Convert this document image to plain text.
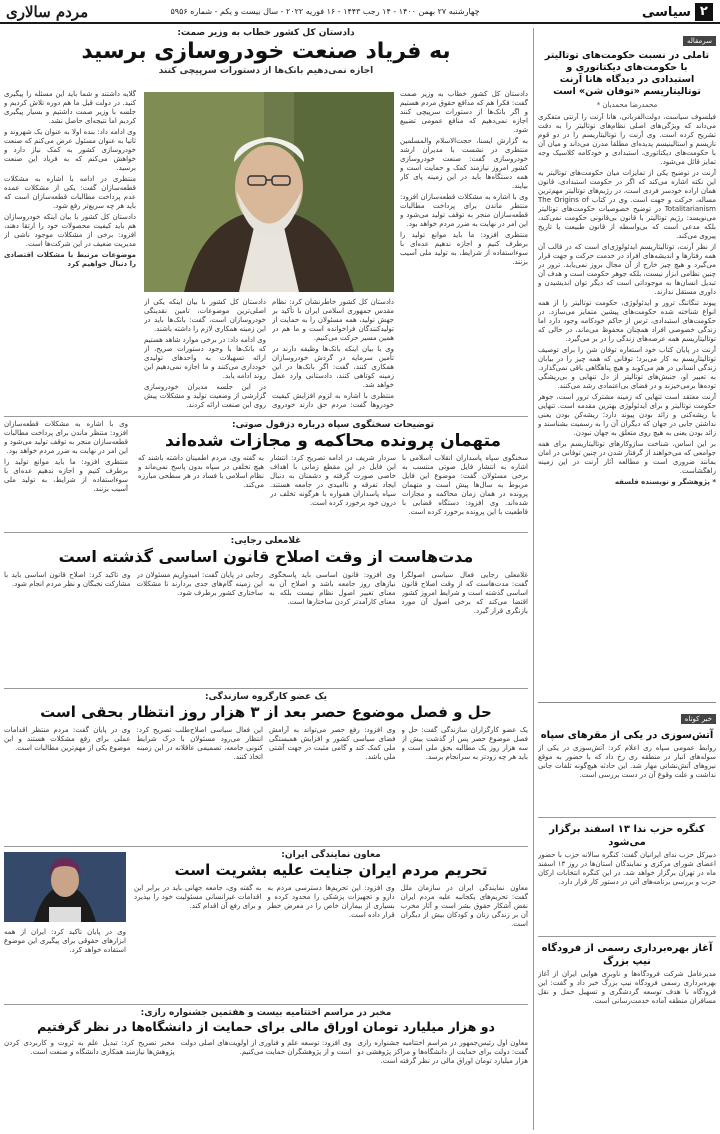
مردم سالاری	چهارشنبه ۲۷ بهمن ۱۴۰۰ - ۱۴ رجب ۱۴۴۳ - ۱۶ فوریه ۲۰۲۲ - سال بیست و یکم - شماره ۵۹۵۶	۲
سیاسی
سرمقاله
تاملی در نسبت حکومت‌های توتالیتر با حکومت‌های دیکتاتوری و استبدادی در دیدگاه هانا آرنت توتالیتاریسم «توفان شن» است
محمدرضا محمدیان *

فیلسوف سیاست، دولت‌الفربانی، هانا آرنت را آرنتی متفکری می‌داند که ویژگی‌های اصلی نظام‌های توتالیتر را به دقت تشریح کرده است. وی آرنت را توتالیتاریسم را در دو قوم نازیسم و استالینیسم پدیده‌ای مطلقا مدرن می‌داند و میان آن با حکومت‌های دیکتاتوری، استبدادی و خودکامه کلاسیک وجه تمایز قائل می‌شود.

آرنت در توضیح یکی از تمایزات میان حکومت‌های توتالیتر به این نکته اشاره می‌کند که اگر در حکومت استبدادی، قانون همان اراده خودسر فردی است، در رژیم‌های توتالیتر مهم‌ترین مساله، حرکت و جهت است. وی در کتاب The Origins of Totalitarianism در توضیح خصوصیات حکومت‌های توتالیتر می‌نویسد: رژیم توتالیتر با قانون بی‌قانونی حکومت نمی‌کند، بلکه مدعی است که بی‌واسطه از قانون طبیعت یا تاریخ پیروی می‌کند.

از نظر آرنت، توتالیتاریسم ایدئولوژی‌ای است که در قالب آن همه رفتارها و اندیشه‌های افراد در خدمت حرکت و جهت قرار می‌گیرد و هیچ چیز خارج از آن مجال بروز نمی‌یابد. ترور در چنین نظامی ابزار نیست، بلکه جوهر حکومت است و هدف آن تبدیل انسان‌ها به موجوداتی است که دیگر توان اندیشیدن و داوری مستقل ندارند.

پیوند تنگاتنگ ترور و ایدئولوژی، حکومت توتالیتر را از همه انواع شناخته شده حکومت‌های پیشین متمایز می‌سازد. در حکومت‌های استبدادی، ترس از حاکم خودکامه وجود دارد اما زندگی خصوصی افراد همچنان محفوظ می‌ماند، در حالی که توتالیتاریسم همه عرصه‌های زندگی را در بر می‌گیرد.

آرنت در پایان کتاب خود استعاره توفان شن را برای توصیف توتالیتاریسم به کار می‌برد؛ توفانی که همه چیز را در بیابان زندگی انسانی در هم می‌کوبد و هیچ پناهگاهی باقی نمی‌گذارد. به تعبیر او، جنبش‌های توتالیتر از دل تنهایی و بی‌ریشگی توده‌ها برمی‌خیزند و در فضای بی‌اعتمادی رشد می‌کنند.

آرنت معتقد است تنهایی که زمینه مشترک ترور است، جوهر حکومت توتالیتر و برای ایدئولوژی بهترین مقدمه است. تنهایی با ریشه‌کنی و زائد بودن پیوند دارد؛ ریشه‌کن بودن یعنی نداشتن جایی در جهان که دیگران آن را به رسمیت بشناسند و زائد بودن یعنی به هیچ روی متعلق به جهان نبودن.

بر این اساس، شناخت سازوکارهای توتالیتاریسم برای همه جوامعی که می‌خواهند از گرفتار شدن در چنین توفانی در امان بمانند ضروری است و مطالعه آثار آرنت در این زمینه راهگشاست.

* پژوهشگر و نویسنده فلسفه

خبر کوتاه
آتش‌سوزی در یکی از مقرهای سپاه
روابط عمومی سپاه ری اعلام کرد: آتش‌سوزی در یکی از سوله‌های انبار در منطقه ری رخ داد که با حضور به موقع نیروهای آتش‌نشانی مهار شد. این حادثه هیچ‌گونه تلفات جانی نداشت و علت وقوع آن در دست بررسی است.
کنگره حزب ندا ۱۳ اسفند برگزار می‌شود
دبیرکل حزب ندای ایرانیان گفت: کنگره سالانه حزب با حضور اعضای شورای مرکزی و نمایندگان استان‌ها در روز ۱۳ اسفند ماه در تهران برگزار خواهد شد. در این کنگره انتخابات ارکان حزب و بررسی برنامه‌های آتی در دستور کار قرار دارد.
آغاز بهره‌برداری رسمی از فرودگاه نیپ بزرگ
مدیرعامل شرکت فرودگاه‌ها و ناوبری هوایی ایران از آغاز بهره‌برداری رسمی فرودگاه نیپ بزرگ خبر داد و گفت: این فرودگاه با هدف توسعه گردشگری و تسهیل حمل و نقل مسافران منطقه آماده خدمت‌رسانی است.
دادستان کل کشور خطاب به وزیر صمت:
به فریاد صنعت خودروسازی برسید
اجازه نمی‌دهیم بانک‌ها از دستورات سرپیچی کنند

دادستان کل کشور خطاب به وزیر صمت گفت: فکرا هم که مدافع حقوق مردم هستیم و اگر بانک‌ها از دستورات سرپیچی کنند اجازه نمی‌دهیم که منافع عمومی تضییع شود.

به گزارش ایسنا، حجت‌الاسلام والمسلمین منتظری در نشست با مدیران ارشد خودروسازی گفت: صنعت خودروسازی کشور امروز نیازمند کمک و حمایت است و همه دستگاه‌ها باید در این زمینه پای کار بیایند.

وی با اشاره به مشکلات قطعه‌سازان افزود: منتظر ماندن برای پرداخت مطالبات قطعه‌سازان منجر به توقف تولید می‌شود و این امر در نهایت به ضرر مردم خواهد بود.

منتظری افزود: ما باید موانع تولید را برطرف کنیم و اجازه ندهیم عده‌ای با سوءاستفاده از شرایط، به تولید ملی آسیب بزنند.

دادستان کل کشور خاطرنشان کرد: نظام مقدس جمهوری اسلامی ایران با تأکید بر جهش تولید، همه مسئولان را به حمایت از تولیدکنندگان فراخوانده است و ما هم در همین مسیر حرکت می‌کنیم.

وی با بیان اینکه بانک‌ها وظیفه دارند در تأمین سرمایه در گردش خودروسازان همکاری کنند، گفت: اگر بانک‌ها در این زمینه کوتاهی کنند، دادستانی وارد عمل خواهد شد.

منتظری با اشاره به لزوم افزایش کیفیت خودروها گفت: مردم حق دارند خودروی

دادستان کل کشور با بیان اینکه یکی از اصلی‌ترین موضوعات، تامین نقدینگی خودروسازان است، گفت: بانک‌ها باید در این زمینه همکاری لازم را داشته باشند.

وی ادامه داد: در برخی موارد شاهد هستیم که بانک‌ها با وجود دستورات صریح، از ارائه تسهیلات به واحدهای تولیدی خودداری می‌کنند و ما اجازه نمی‌دهیم این روند ادامه یابد.

در این جلسه مدیران خودروسازی گزارشی از وضعیت تولید و مشکلات پیش روی این صنعت ارائه کردند.

گلایه داشتند و شما باید این مسئله را پیگیری کنید. در دولت قبل ما هم دوره تلاش کردیم و جلسه با وزیر صمت داشتیم و بسیار پیگیری کردیم اما نتیجه‌ای حاصل نشد.

وی ادامه داد: بنده اولا به عنوان یک شهروند و ثانیا به عنوان مسئول عرض می‌کنم که صنعت خودروسازی کشور به کمک نیاز دارد و خواهش می‌کنم که به فریاد این صنعت برسید.

منتظری در ادامه با اشاره به مشکلات قطعه‌سازان گفت: یکی از مشکلات عمده عدم پرداخت مطالبات قطعه‌سازان است که باید هر چه سریع‌تر رفع شود.

دادستان کل کشور با بیان اینکه خودروسازان هم باید کیفیت محصولات خود را ارتقا دهند، افزود: برخی از مشکلات موجود ناشی از مدیریت ضعیف در این شرکت‌ها است.

موضوعات مرتبط با مشکلات اقتصادی را دنبال خواهیم کرد

توضیحات سخنگوی سپاه درباره دزفول صوتی:
متهمان پرونده محاکمه و مجازات شده‌اند
سخنگوی سپاه پاسداران انقلاب اسلامی با اشاره به انتشار فایل صوتی منتسب به برخی مسئولان گفت: موضوع این فایل مربوط به سال‌ها پیش است و متهمان پرونده در همان زمان محاکمه و مجازات شده‌اند. وی افزود: دستگاه قضایی با قاطعیت با این پرونده برخورد کرده است.
سردار شریف در ادامه تصریح کرد: انتشار این فایل در این مقطع زمانی با اهداف خاصی صورت گرفته و دشمنان به دنبال ایجاد تفرقه و ناامیدی در جامعه هستند. سپاه پاسداران همواره با هرگونه تخلف در درون خود برخورد کرده است.
به گفته وی، مردم اطمینان داشته باشند که هیچ تخلفی در سپاه بدون پاسخ نمی‌ماند و نظام اسلامی با فساد در هر سطحی مبارزه می‌کند.

وی با اشاره به مشکلات قطعه‌سازان افزود: منتظر ماندن برای پرداخت مطالبات قطعه‌سازان منجر به توقف تولید می‌شود و این امر در نهایت به ضرر مردم خواهد بود.

منتظری افزود: ما باید موانع تولید را برطرف کنیم و اجازه ندهیم عده‌ای با سوءاستفاده از شرایط، به تولید ملی آسیب بزنند.

غلامعلی رجایی:
مدت‌هاست از وقت اصلاح قانون اساسی گذشته است
غلامعلی رجایی فعال سیاسی اصولگرا گفت: مدت‌هاست که از وقت اصلاح قانون اساسی گذشته است و شرایط امروز کشور اقتضا می‌کند که برخی اصول آن مورد بازنگری قرار گیرد.
وی افزود: قانون اساسی باید پاسخگوی نیازهای روز جامعه باشد و اصلاح آن به معنای تغییر اصول نظام نیست بلکه به معنای کارآمدتر کردن ساختارها است.
رجایی در پایان گفت: امیدواریم مسئولان در این زمینه گام‌های جدی بردارند تا مشکلات ساختاری کشور برطرف شود.
وی تاکید کرد: اصلاح قانون اساسی باید با مشارکت نخبگان و نظر مردم انجام شود.
یک عضو کارگروه سازندگی:
حل و فصل موضوع حصر بعد از ۳ هزار روز انتظار بحقی است
یک عضو کارگزاران سازندگی گفت: حل و فصل موضوع حصر پس از گذشت بیش از سه هزار روز یک مطالبه بحق ملی است و باید هر چه زودتر به سرانجام برسد.
وی افزود: رفع حصر می‌تواند به آرامش فضای سیاسی کشور و افزایش همبستگی ملی کمک کند و گامی مثبت در جهت آشتی ملی باشد.
این فعال سیاسی اصلاح‌طلب تصریح کرد: انتظار می‌رود مسئولان با درک شرایط کنونی جامعه، تصمیمی عاقلانه در این زمینه اتخاذ کنند.
وی در پایان گفت: مردم منتظر اقدامات عملی برای رفع مشکلات هستند و این موضوع یکی از مهم‌ترین مطالبات است.
معاون نمایندگی ایران:
تحریم مردم ایران جنایت علیه بشریت است
معاون نمایندگی ایران در سازمان ملل گفت: تحریم‌های یکجانبه علیه مردم ایران نقض آشکار حقوق بشر است و آثار مخرب آن بر زندگی زنان و کودکان بیش از دیگران است.
وی افزود: این تحریم‌ها دسترسی مردم به دارو و تجهیزات پزشکی را محدود کرده و بسیاری از بیماران خاص را در معرض خطر قرار داده است.
به گفته وی، جامعه جهانی باید در برابر این اقدامات غیرانسانی مسئولیت خود را بپذیرد و برای رفع آن اقدام کند.
وی در پایان تاکید کرد: ایران از همه ابزارهای حقوقی برای پیگیری این موضوع استفاده خواهد کرد.
مخبر در مراسم اختتامیه بیست و هفتمین جشنواره رازی:
دو هزار میلیارد تومان اوراق مالی برای حمایت از دانشگاه‌ها در نظر گرفتیم
معاون اول رئیس‌جمهور در مراسم اختتامیه جشنواره رازی گفت: دولت برای حمایت از دانشگاه‌ها و مراکز پژوهشی دو هزار میلیارد تومان اوراق مالی در نظر گرفته است.
وی افزود: توسعه علم و فناوری از اولویت‌های اصلی دولت است و از پژوهشگران حمایت می‌کنیم.
مخبر تصریح کرد: تبدیل علم به ثروت و کاربردی کردن پژوهش‌ها نیازمند همکاری دانشگاه و صنعت است.
